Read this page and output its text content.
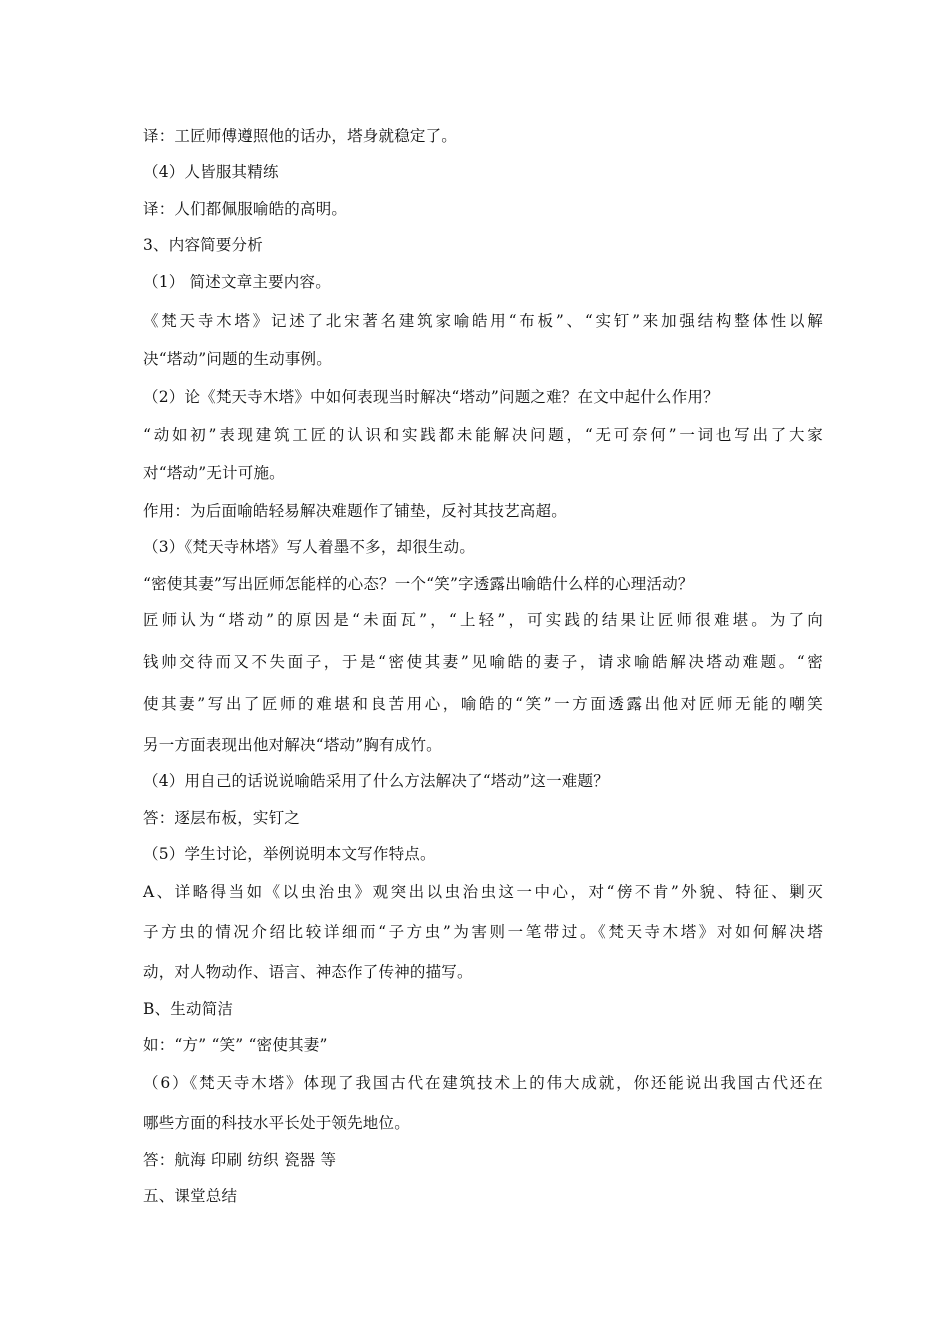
译：工匠师傅遵照他的话办，塔身就稳定了。
（4）人皆服其精练
译：人们都佩服喻皓的高明。
3、内容简要分析
（1） 简述文章主要内容。
《梵天寺木塔》记述了北宋著名建筑家喻皓用“布板”、“实钉”来加强结构整体性以解
决“塔动”问题的生动事例。
（2）论《梵天寺木塔》中如何表现当时解决“塔动”问题之难？在文中起什么作用？
“动如初”表现建筑工匠的认识和实践都未能解决问题，“无可奈何”一词也写出了大家
对“塔动”无计可施。
作用：为后面喻皓轻易解决难题作了铺垫，反衬其技艺高超。
（3）《梵天寺林塔》写人着墨不多，却很生动。
“密使其妻”写出匠师怎能样的心态？一个“笑”字透露出喻皓什么样的心理活动？
匠师认为“塔动”的原因是“未面瓦”，“上轻”，可实践的结果让匠师很难堪。为了向
钱帅交待而又不失面子，于是“密使其妻”见喻皓的妻子，请求喻皓解决塔动难题。“密
使其妻”写出了匠师的难堪和良苦用心，喻皓的“笑”一方面透露出他对匠师无能的嘲笑
另一方面表现出他对解决“塔动”胸有成竹。
（4）用自己的话说说喻皓采用了什么方法解决了“塔动”这一难题？
答：逐层布板，实钉之
（5）学生讨论，举例说明本文写作特点。
A、详略得当如《以虫治虫》观突出以虫治虫这一中心，对“傍不肯”外貌、特征、剿灭
子方虫的情况介绍比较详细而“子方虫”为害则一笔带过。《梵天寺木塔》对如何解决塔
动，对人物动作、语言、神态作了传神的描写。
B、生动简洁
如：“方” “笑” “密使其妻”
（6）《梵天寺木塔》体现了我国古代在建筑技术上的伟大成就，你还能说出我国古代还在
哪些方面的科技水平长处于领先地位。
答：航海 印刷 纺织 瓷器 等
五、课堂总结
